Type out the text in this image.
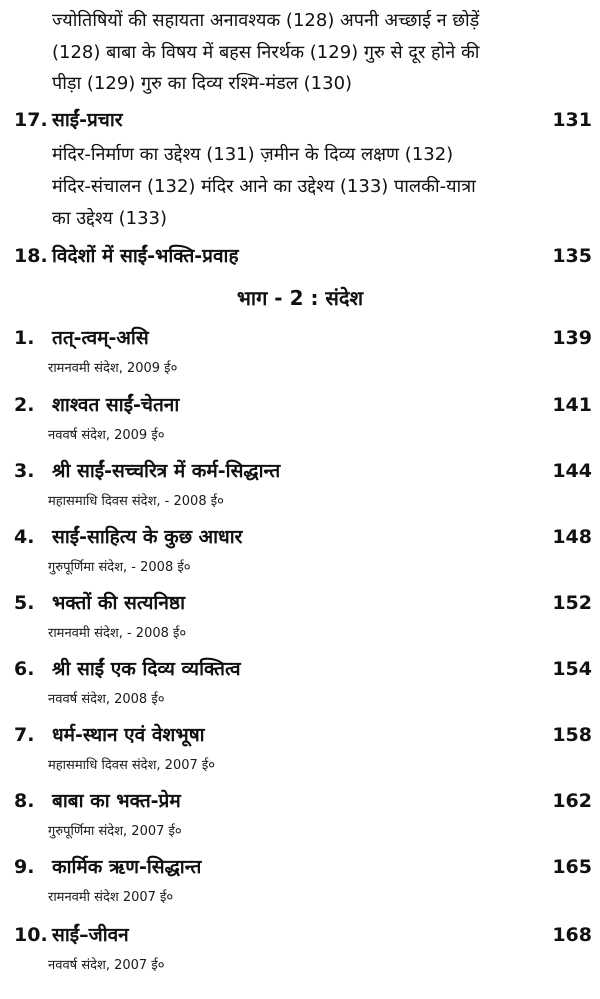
ज्योतिषियों की सहायता अनावश्यक (128) अपनी अच्छाई न छोड़ें
(128) बाबा के विषय में बहस निरर्थक (129) गुरु से दूर होने की
पीड़ा (129) गुरु का दिव्य रश्मि-मंडल (130)
17. साईं-प्रचार	131
मंदिर-निर्माण का उद्देश्य (131) ज़मीन के दिव्य लक्षण (132)
मंदिर-संचालन (132) मंदिर आने का उद्देश्य (133) पालकी-यात्रा
का उद्देश्य (133)
18. विदेशों में साईं-भक्ति-प्रवाह	135
भाग - 2 : संदेश
1. तत्-त्वम्-असि	139
रामनवमी संदेश, 2009 ई०
2. शाश्वत साईं-चेतना	141
नववर्ष संदेश, 2009 ई०
3. श्री साईं-सच्चरित्र में कर्म-सिद्धान्त	144
महासमाधि दिवस संदेश, - 2008 ई०
4. साईं-साहित्य के कुछ आधार	148
गुरुपूर्णिमा संदेश, - 2008 ई०
5. भक्तों की सत्यनिष्ठा	152
रामनवमी संदेश, - 2008 ई०
6. श्री साईं एक दिव्य व्यक्तित्व	154
नववर्ष संदेश, 2008 ई०
7. धर्म-स्थान एवं वेशभूषा	158
महासमाधि दिवस संदेश, 2007 ई०
8. बाबा का भक्त-प्रेम	162
गुरुपूर्णिमा संदेश, 2007 ई०
9. कार्मिक ऋण-सिद्धान्त	165
रामनवमी संदेश 2007 ई०
10. साईं–जीवन	168
नववर्ष संदेश, 2007 ई०
